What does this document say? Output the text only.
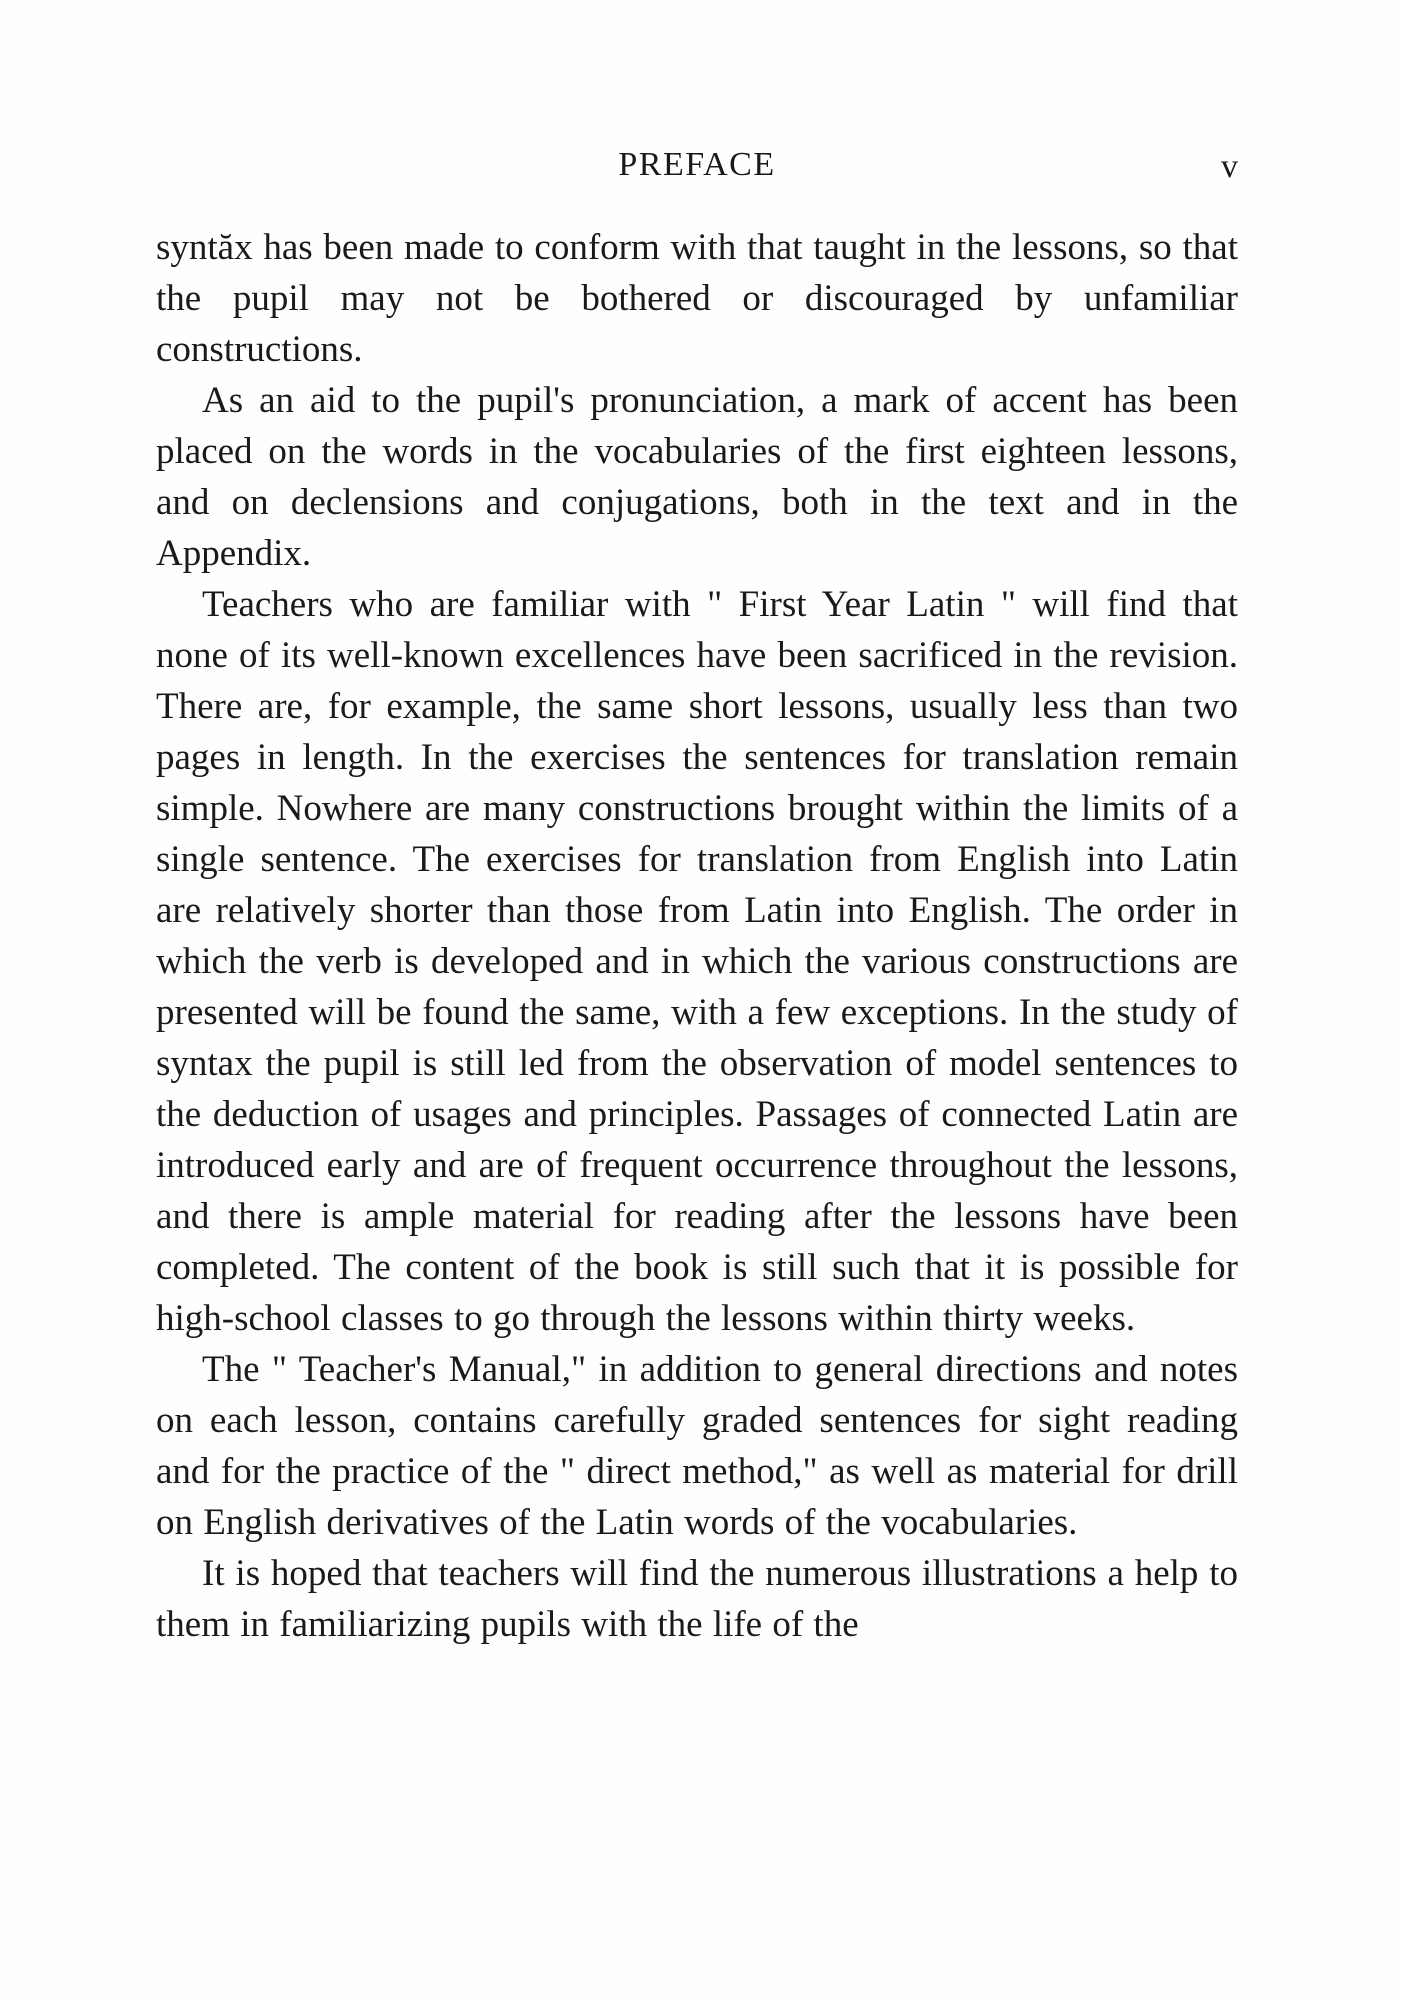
PREFACE	v

syntăx has been made to conform with that taught in the lessons, so that the pupil may not be bothered or discouraged by unfamiliar constructions.

As an aid to the pupil's pronunciation, a mark of accent has been placed on the words in the vocabularies of the first eighteen lessons, and on declensions and conjugations, both in the text and in the Appendix.

Teachers who are familiar with " First Year Latin " will find that none of its well-known excellences have been sacrificed in the revision. There are, for example, the same short lessons, usually less than two pages in length. In the exercises the sentences for translation remain simple. Nowhere are many constructions brought within the limits of a single sentence. The exercises for translation from English into Latin are relatively shorter than those from Latin into English. The order in which the verb is developed and in which the various constructions are presented will be found the same, with a few exceptions. In the study of syntax the pupil is still led from the observation of model sentences to the deduction of usages and principles. Passages of connected Latin are introduced early and are of frequent occurrence throughout the lessons, and there is ample material for reading after the lessons have been completed. The content of the book is still such that it is possible for high-school classes to go through the lessons within thirty weeks.

The " Teacher's Manual," in addition to general directions and notes on each lesson, contains carefully graded sentences for sight reading and for the practice of the " direct method," as well as material for drill on English derivatives of the Latin words of the vocabularies.

It is hoped that teachers will find the numerous illustrations a help to them in familiarizing pupils with the life of the
